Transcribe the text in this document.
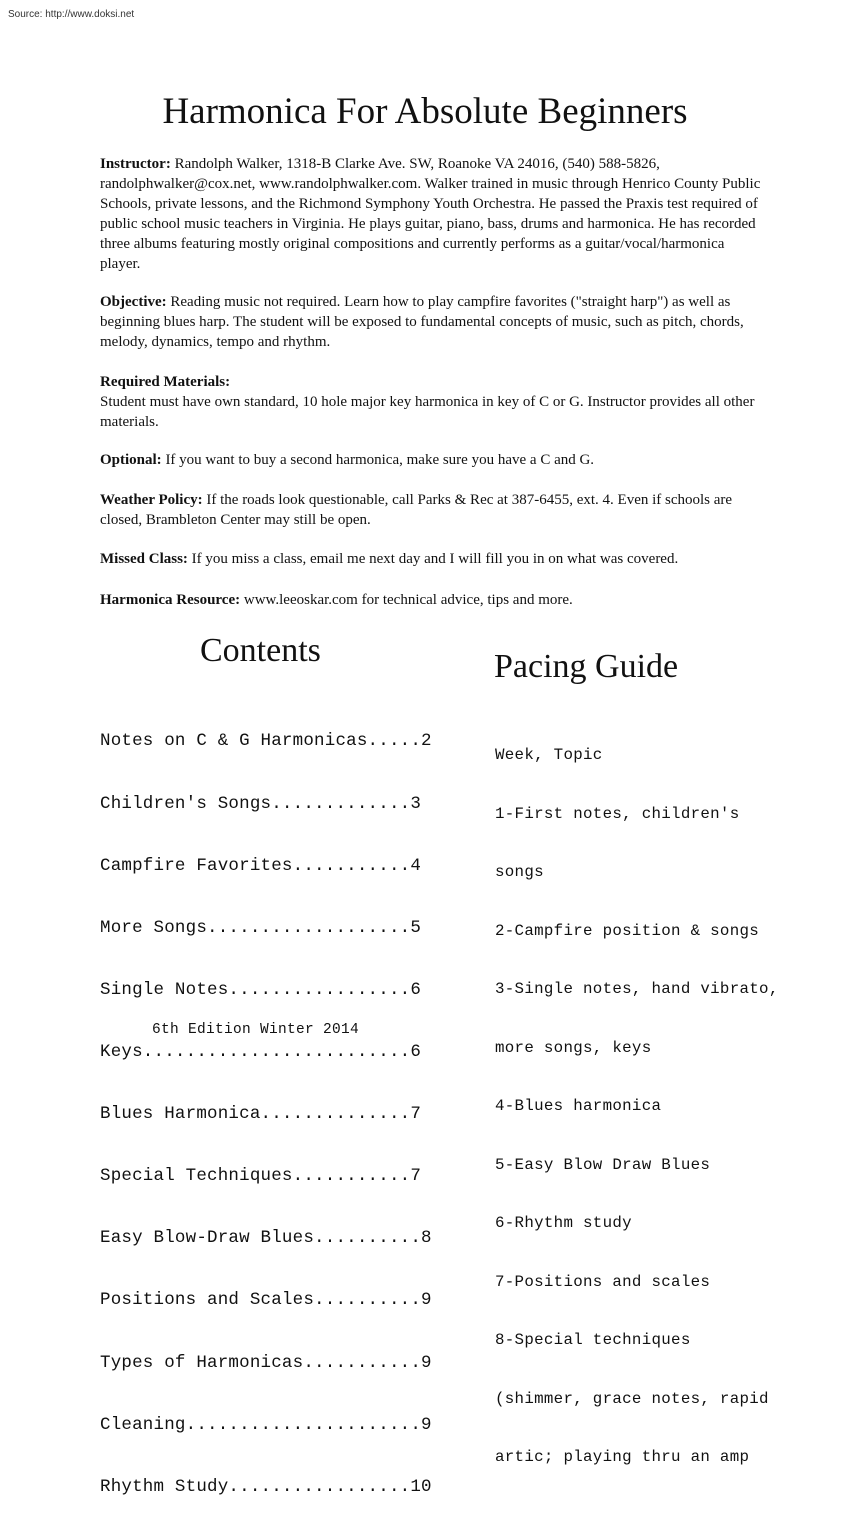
Source: http://www.doksi.net
Harmonica For Absolute Beginners

Instructor: Randolph Walker, 1318-B Clarke Ave. SW, Roanoke VA 24016, (540) 588-5826, randolphwalker@cox.net, www.randolphwalker.com. Walker trained in music through Henrico County Public Schools, private lessons, and the Richmond Symphony Youth Orchestra. He passed the Praxis test required of public school music teachers in Virginia. He plays guitar, piano, bass, drums and harmonica. He has recorded three albums featuring mostly original compositions and currently performs as a guitar/vocal/harmonica player.

Objective: Reading music not required. Learn how to play campfire favorites ("straight harp") as well as beginning blues harp. The student will be exposed to fundamental concepts of music, such as pitch, chords, melody, dynamics, tempo and rhythm.

Required Materials:
Student must have own standard, 10 hole major key harmonica in key of C or G. Instructor provides all other materials.

Optional: If you want to buy a second harmonica, make sure you have a C and G.

Weather Policy: If the roads look questionable, call Parks & Rec at 387-6455, ext. 4. Even if schools are closed, Brambleton Center may still be open.

Missed Class: If you miss a class, email me next day and I will fill you in on what was covered.

Harmonica Resource: www.leeoskar.com for technical advice, tips and more.

Contents

Notes on C & G Harmonicas.....2

Children's Songs.............3

Campfire Favorites...........4

More Songs...................5

Single Notes.................6

Keys.........................6

Blues Harmonica..............7

Special Techniques...........7

Easy Blow-Draw Blues..........8

Positions and Scales..........9

Types of Harmonicas...........9

Cleaning......................9

Rhythm Study.................10

Pacing Guide

Week, Topic

1-First notes, children's

songs

2-Campfire position & songs

3-Single notes, hand vibrato,

more songs, keys

4-Blues harmonica

5-Easy Blow Draw Blues

6-Rhythm study

7-Positions and scales

8-Special techniques

(shimmer, grace notes, rapid

artic; playing thru an amp

6th Edition Winter 2014
